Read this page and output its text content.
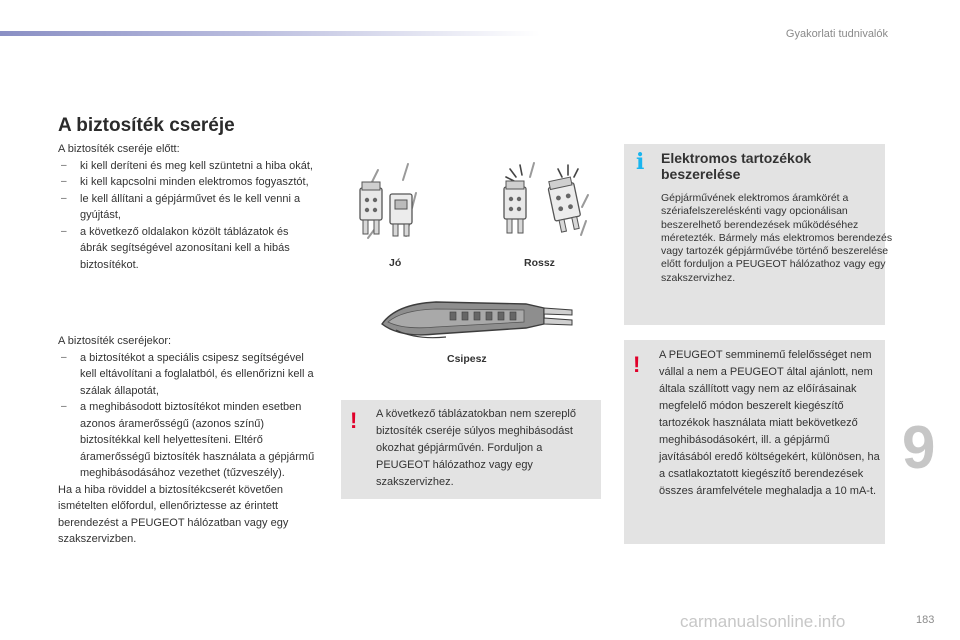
Gyakorlati tudnivalók
A biztosíték cseréje
A biztosíték cseréje előtt:
– ki kell deríteni és meg kell szüntetni a hiba okát,
– ki kell kapcsolni minden elektromos fogyasztót,
– le kell állítani a gépjárművet és le kell venni a gyújtást,
– a következő oldalakon közölt táblázatok és ábrák segítségével azonosítani kell a hibás biztosítékot.
A biztosíték cseréjekor:
– a biztosítékot a speciális csipesz segítségével kell eltávolítani a foglalatból, és ellenőrizni kell a szálak állapotát,
– a meghibásodott biztosítékot minden esetben azonos áramerősségű (azonos színű) biztosítékkal kell helyettesíteni. Eltérő áramerősségű biztosíték használata a gépjármű meghibásodásához vezethet (tűzveszély).
Ha a hiba röviddel a biztosítékcserét követően ismételten előfordul, ellenőriztesse az érintett berendezést a PEUGEOT hálózatban vagy egy szakszervizben.
Jó	Rossz
Csipesz
! A következő táblázatokban nem szereplő biztosíték cseréje súlyos meghibásodást okozhat gépjárművén. Forduljon a PEUGEOT hálózathoz vagy egy szakszervizhez.
i Elektromos tartozékok beszerelése
Gépjárművének elektromos áramkörét a szériafelszereléskénti vagy opcionálisan beszerelhető berendezések működéséhez méretezték. Bármely más elektromos berendezés vagy tartozék gépjárművébe történő beszerelése előtt forduljon a PEUGEOT hálózathoz vagy egy szakszervizhez.
! A PEUGEOT semminemű felelősséget nem vállal a nem a PEUGEOT által ajánlott, nem általa szállított vagy nem az előírásainak megfelelő módon beszerelt kiegészítő tartozékok használata miatt bekövetkező meghibásodásokért, ill. a gépjármű javításából eredő költségekért, különösen, ha a csatlakoztatott kiegészítő berendezések összes áramfelvétele meghaladja a 10 mA-t.
9
carmanualsonline.info	183
